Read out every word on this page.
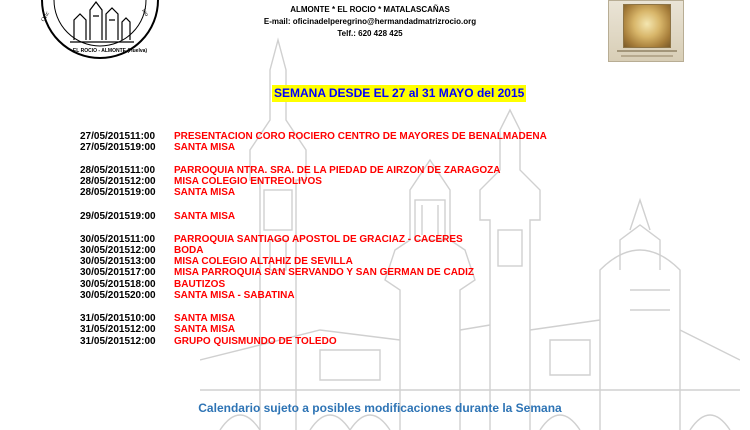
Ofic	ino
EL ROCIO - ALMONTE (Huelva)
ALMONTE * EL ROCIO * MATALASCAÑAS
E-mail: oficinadelperegrino@hermandadmatrizrocio.org
Telf.: 620 428 425
SEMANA DESDE EL 27 al 31 MAYO del 2015
27/05/2015 11:00 PRESENTACION CORO ROCIERO CENTRO DE MAYORES DE BENALMADENA
27/05/2015 19:00 SANTA MISA
28/05/2015 11:00 PARROQUIA NTRA. SRA. DE LA PIEDAD DE AIRZON DE ZARAGOZA
28/05/2015 12:00 MISA COLEGIO ENTREOLIVOS
28/05/2015 19:00 SANTA MISA
29/05/2015 19:00 SANTA MISA
30/05/2015 11:00 PARROQUIA SANTIAGO APOSTOL DE GRACIAZ - CACERES
30/05/2015 12:00 BODA
30/05/2015 13:00 MISA COLEGIO ALTAHIZ DE SEVILLA
30/05/2015 17:00 MISA PARROQUIA SAN SERVANDO Y SAN GERMAN DE CADIZ
30/05/2015 18:00 BAUTIZOS
30/05/2015 20:00 SANTA MISA - SABATINA
31/05/2015 10:00 SANTA MISA
31/05/2015 12:00 SANTA MISA
31/05/2015 12:00 GRUPO QUISMUNDO DE TOLEDO
Calendario sujeto a posibles modificaciones durante la Semana
